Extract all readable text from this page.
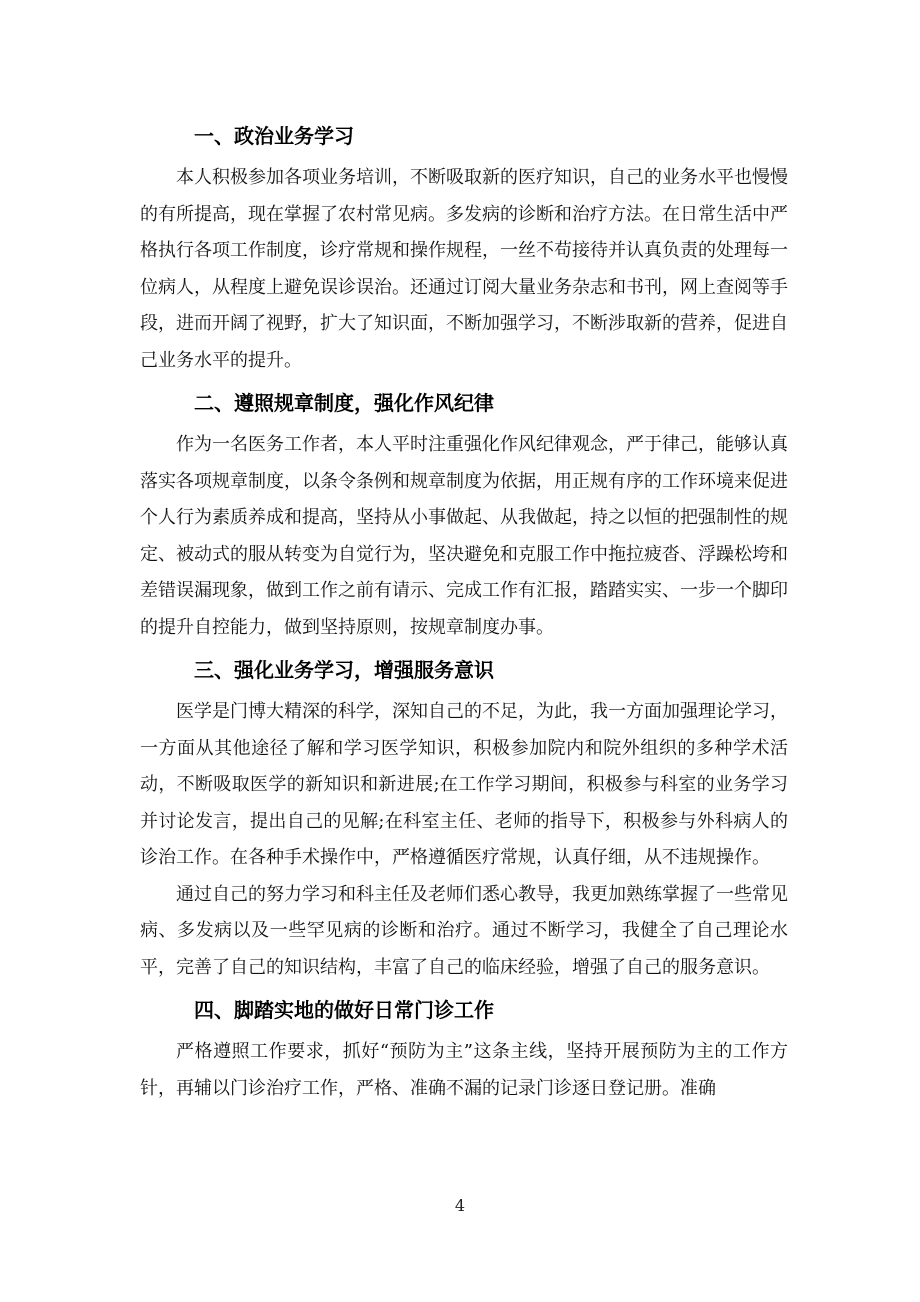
一、政治业务学习

本人积极参加各项业务培训，不断吸取新的医疗知识，自己的业务水平也慢慢的有所提高，现在掌握了农村常见病。多发病的诊断和治疗方法。在日常生活中严格执行各项工作制度，诊疗常规和操作规程，一丝不苟接待并认真负责的处理每一位病人，从程度上避免误诊误治。还通过订阅大量业务杂志和书刊，网上查阅等手段，进而开阔了视野，扩大了知识面，不断加强学习，不断涉取新的营养，促进自己业务水平的提升。

二、遵照规章制度，强化作风纪律

作为一名医务工作者，本人平时注重强化作风纪律观念，严于律己，能够认真落实各项规章制度，以条令条例和规章制度为依据，用正规有序的工作环境来促进个人行为素质养成和提高，坚持从小事做起、从我做起，持之以恒的把强制性的规定、被动式的服从转变为自觉行为，坚决避免和克服工作中拖拉疲沓、浮躁松垮和差错误漏现象，做到工作之前有请示、完成工作有汇报，踏踏实实、一步一个脚印的提升自控能力，做到坚持原则，按规章制度办事。

三、强化业务学习，增强服务意识

医学是门博大精深的科学，深知自己的不足，为此，我一方面加强理论学习，一方面从其他途径了解和学习医学知识，积极参加院内和院外组织的多种学术活动，不断吸取医学的新知识和新进展;在工作学习期间，积极参与科室的业务学习并讨论发言，提出自己的见解;在科室主任、老师的指导下，积极参与外科病人的诊治工作。在各种手术操作中，严格遵循医疗常规，认真仔细，从不违规操作。

通过自己的努力学习和科主任及老师们悉心教导，我更加熟练掌握了一些常见病、多发病以及一些罕见病的诊断和治疗。通过不断学习，我健全了自己理论水平，完善了自己的知识结构，丰富了自己的临床经验，增强了自己的服务意识。

四、脚踏实地的做好日常门诊工作

严格遵照工作要求，抓好“预防为主”这条主线，坚持开展预防为主的工作方针，再辅以门诊治疗工作，严格、准确不漏的记录门诊逐日登记册。准确

4
